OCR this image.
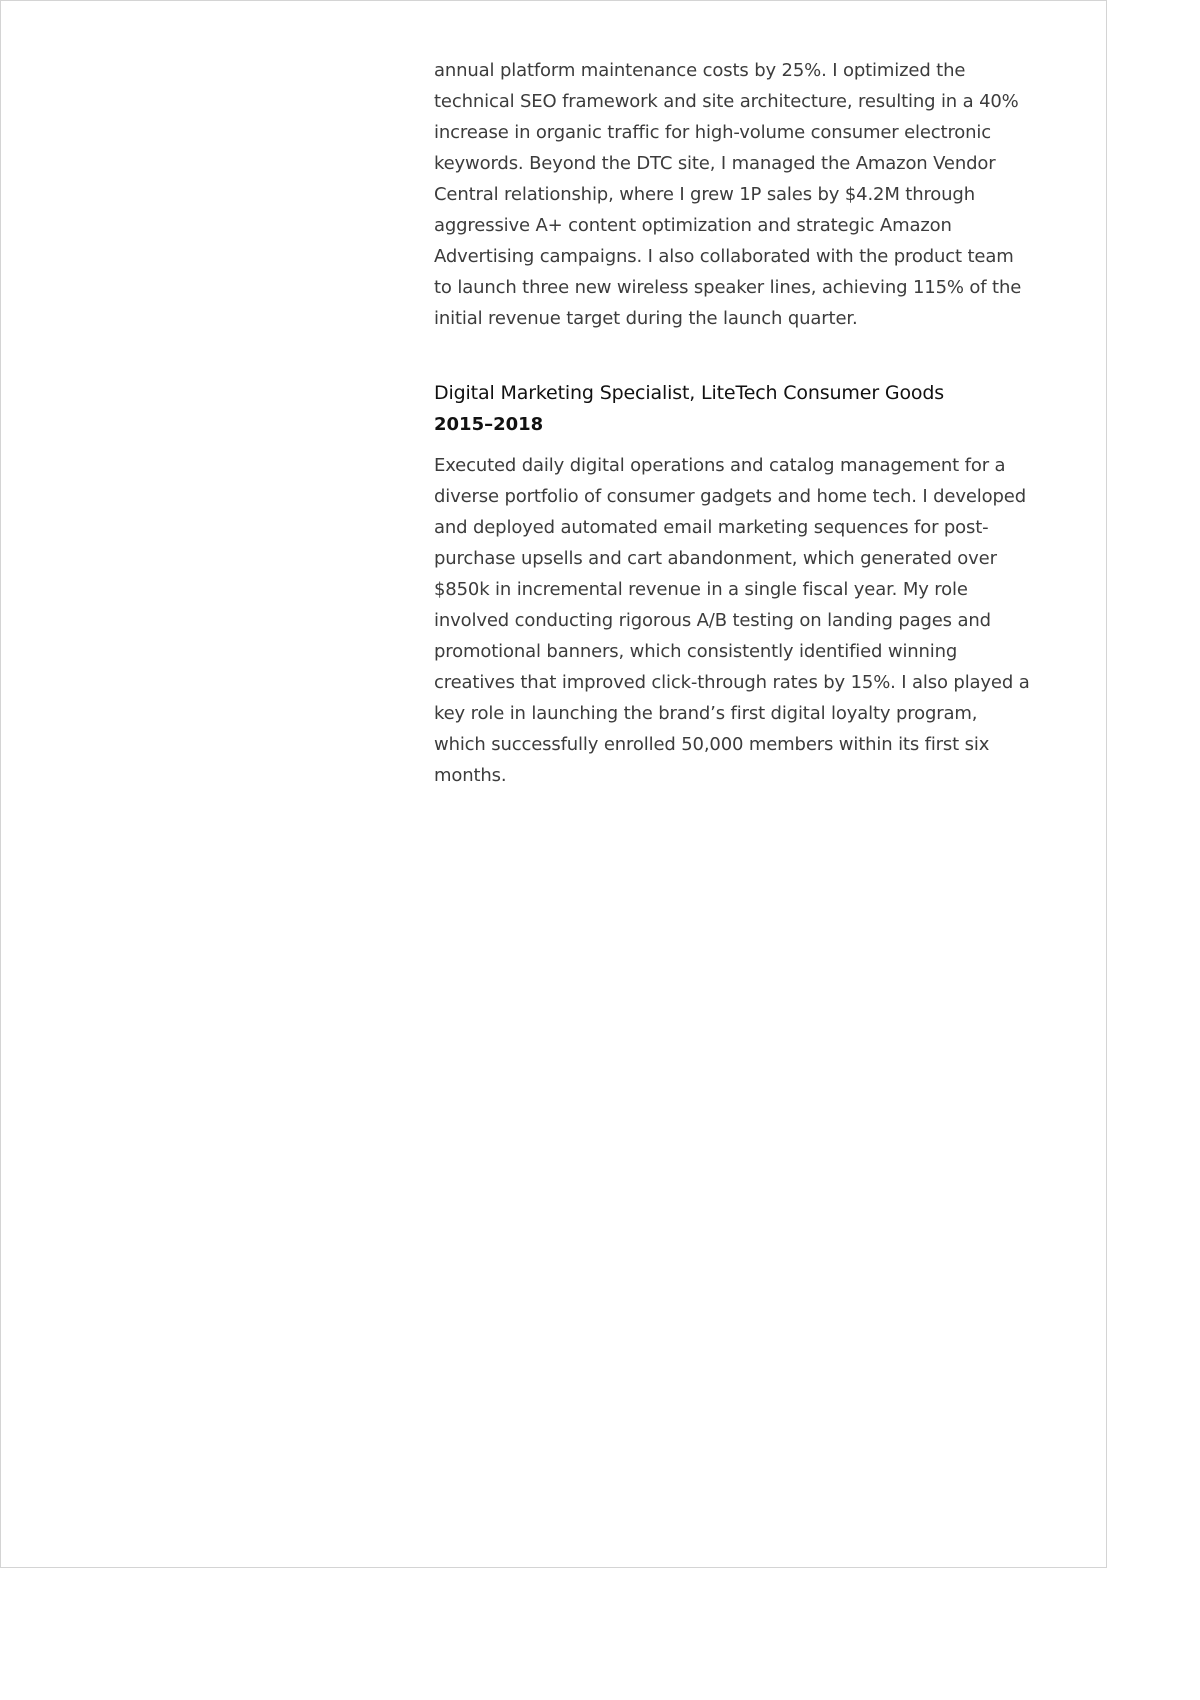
annual platform maintenance costs by 25%. I optimized the technical SEO framework and site architecture, resulting in a 40% increase in organic traffic for high-volume consumer electronic keywords. Beyond the DTC site, I managed the Amazon Vendor Central relationship, where I grew 1P sales by $4.2M through aggressive A+ content optimization and strategic Amazon Advertising campaigns. I also collaborated with the product team to launch three new wireless speaker lines, achieving 115% of the initial revenue target during the launch quarter.

Digital Marketing Specialist, LiteTech Consumer Goods

2015–2018

Executed daily digital operations and catalog management for a diverse portfolio of consumer gadgets and home tech. I developed and deployed automated email marketing sequences for post-purchase upsells and cart abandonment, which generated over $850k in incremental revenue in a single fiscal year. My role involved conducting rigorous A/B testing on landing pages and promotional banners, which consistently identified winning creatives that improved click-through rates by 15%. I also played a key role in launching the brand’s first digital loyalty program, which successfully enrolled 50,000 members within its first six months.
